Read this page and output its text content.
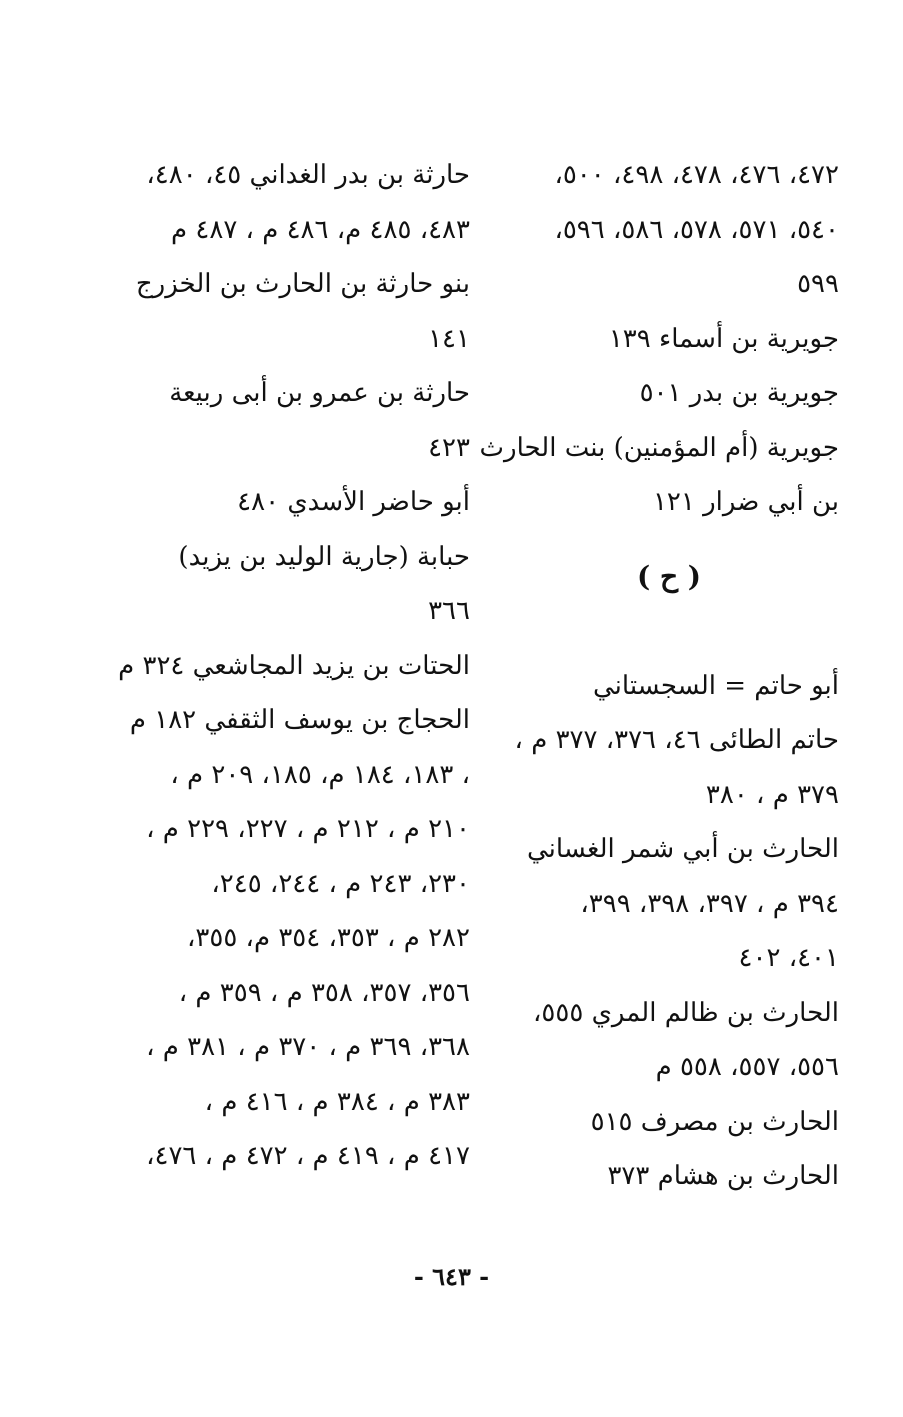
٤٧٢، ٤٧٦، ٤٧٨، ٤٩٨، ٥٠٠،
٥٤٠، ٥٧١، ٥٧٨، ٥٨٦، ٥٩٦،
٥٩٩
جويرية بن أسماء ١٣٩
جويرية بن بدر ٥٠١
جويرية (أم المؤمنين) بنت الحارث
بن أبي ضرار ١٢١
( ح )
أبو حاتم = السجستاني
حاتم الطائى ٤٦، ٣٧٦، ٣٧٧ م ،
٣٧٩ م ، ٣٨٠
الحارث بن أبي شمر الغساني
٣٩٤ م ، ٣٩٧، ٣٩٨، ٣٩٩،
٤٠١، ٤٠٢
الحارث بن ظالم المري ٥٥٥،
٥٥٦، ٥٥٧، ٥٥٨ م
الحارث بن مصرف ٥١٥
الحارث بن هشام ٣٧٣
حارثة بن بدر الغداني ٤٥، ٤٨٠،
٤٨٣، ٤٨٥ م، ٤٨٦ م ، ٤٨٧ م
بنو حارثة بن الحارث بن الخزرج
١٤١
حارثة بن عمرو بن أبى ربيعة
٤٢٣
أبو حاضر الأسدي ٤٨٠
حبابة (جارية الوليد بن يزيد)
٣٦٦
الحتات بن يزيد المجاشعي ٣٢٤ م
الحجاج بن يوسف الثقفي ١٨٢ م
، ١٨٣، ١٨٤ م، ١٨٥، ٢٠٩ م ،
٢١٠ م ، ٢١٢ م ، ٢٢٧، ٢٢٩ م ،
٢٣٠، ٢٤٣ م ، ٢٤٤، ٢٤٥،
٢٨٢ م ، ٣٥٣، ٣٥٤ م، ٣٥٥،
٣٥٦، ٣٥٧، ٣٥٨ م ، ٣٥٩ م ،
٣٦٨، ٣٦٩ م ، ٣٧٠ م ، ٣٨١ م ،
٣٨٣ م ، ٣٨٤ م ، ٤١٦ م ،
٤١٧ م ، ٤١٩ م ، ٤٧٢ م ، ٤٧٦،
- ٦٤٣ -
